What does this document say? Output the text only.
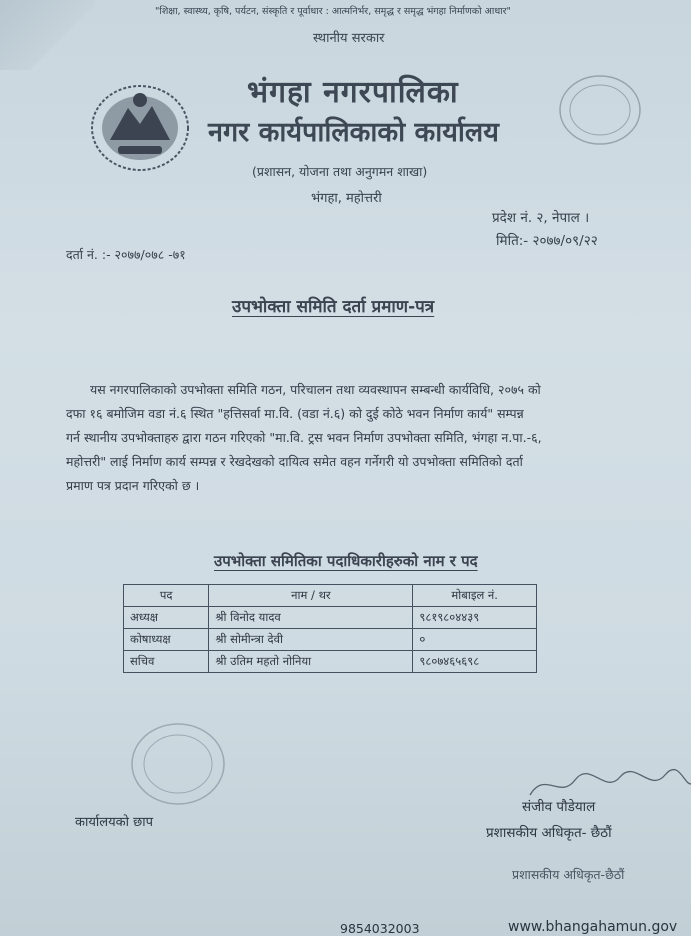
"शिक्षा, स्वास्थ्य, कृषि, पर्यटन, संस्कृति र पूर्वाधार : आत्मनिर्भर, समृद्ध र समृद्ध भंगहा निर्माणको आधार"
स्थानीय सरकार
भंगहा नगरपालिका
नगर कार्यपालिकाको कार्यालय
(प्रशासन, योजना तथा अनुगमन शाखा)
भंगहा, महोत्तरी
प्रदेश नं. २, नेपाल ।
मिति:- २०७७/०९/२२
दर्ता नं. :- २०७७/०७८ -७१
उपभोक्ता समिति दर्ता प्रमाण-पत्र
यस नगरपालिकाको उपभोक्ता समिति गठन, परिचालन तथा व्यवस्थापन सम्बन्धी कार्यविधि, २०७५ को
दफा १६ बमोजिम वडा नं.६ स्थित "हत्तिसर्वा मा.वि. (वडा नं.६) को दुई कोठे भवन निर्माण कार्य" सम्पन्न
गर्न स्थानीय उपभोक्ताहरु द्वारा गठन गरिएको "मा.वि. ट्रस भवन निर्माण उपभोक्ता समिति, भंगहा न.पा.-६,
महोत्तरी" लाई निर्माण कार्य सम्पन्न र रेखदेखको दायित्व समेत वहन गर्नेगरी यो उपभोक्ता समितिको दर्ता
प्रमाण पत्र प्रदान गरिएको छ ।
उपभोक्ता समितिका पदाधिकारीहरुको नाम र पद
पद	नाम / थर	मोबाइल नं.
अध्यक्ष	श्री विनोद यादव	९८१९८०४४३९
कोषाध्यक्ष	श्री सोमीन्त्रा देवी	०
सचिव	श्री उतिम महतो नोनिया	९८०७४६५६९८
कार्यालयको छाप
संजीव पौडेयाल
प्रशासकीय अधिकृत- छैठौं
प्रशासकीय अधिकृत-छैठौं
9854032003	www.bhangahamun.gov
